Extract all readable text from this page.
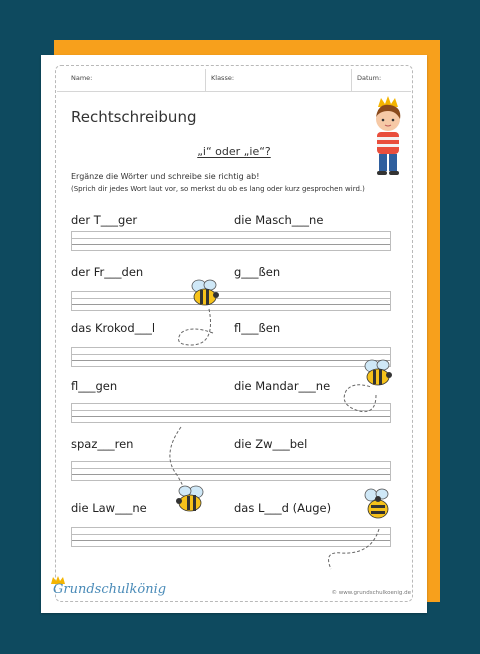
Name:	Klasse:	Datum:
Rechtschreibung
„i“ oder „ie“?
Ergänze die Wörter und schreibe sie richtig ab!
(Sprich dir jedes Wort laut vor, so merkst du ob es lang oder kurz gesprochen wird.)
der T___ger	die Masch___ne
der Fr___den	g___ßen
das Krokod___l	fl___ßen
fl___gen	die Mandar___ne
spaz___ren	die Zw___bel
die Law___ne	das L___d (Auge)
Grundschulkönig	© www.grundschulkoenig.de
